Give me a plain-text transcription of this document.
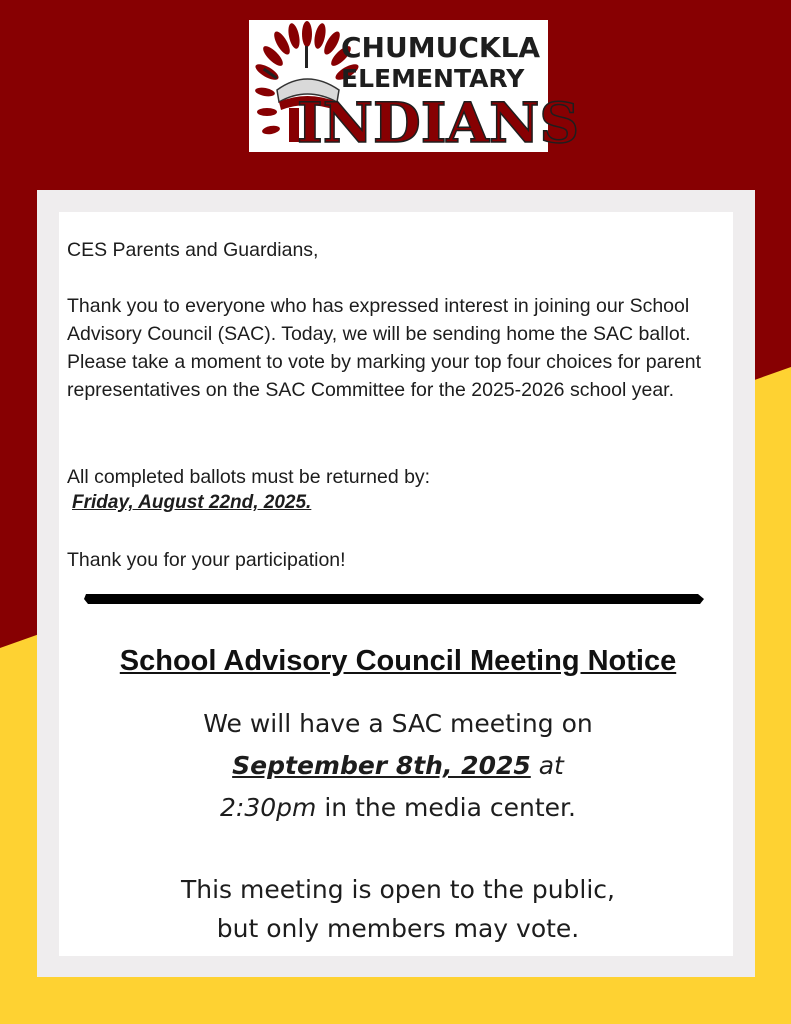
CHUMUCKLA
ELEMENTARY
INDIANS

CES Parents and Guardians,

Thank you to everyone who has expressed interest in joining our School Advisory Council (SAC). Today, we will be sending home the SAC ballot. Please take a moment to vote by marking your top four choices for parent representatives on the SAC Committee for the 2025-2026 school year.

All completed ballots must be returned by:

Friday, August 22nd, 2025.

Thank you for your participation!

School Advisory Council Meeting Notice

We will have a SAC meeting on

September 8th, 2025 at

2:30pm in the media center.

This meeting is open to the public,

but only members may vote.
